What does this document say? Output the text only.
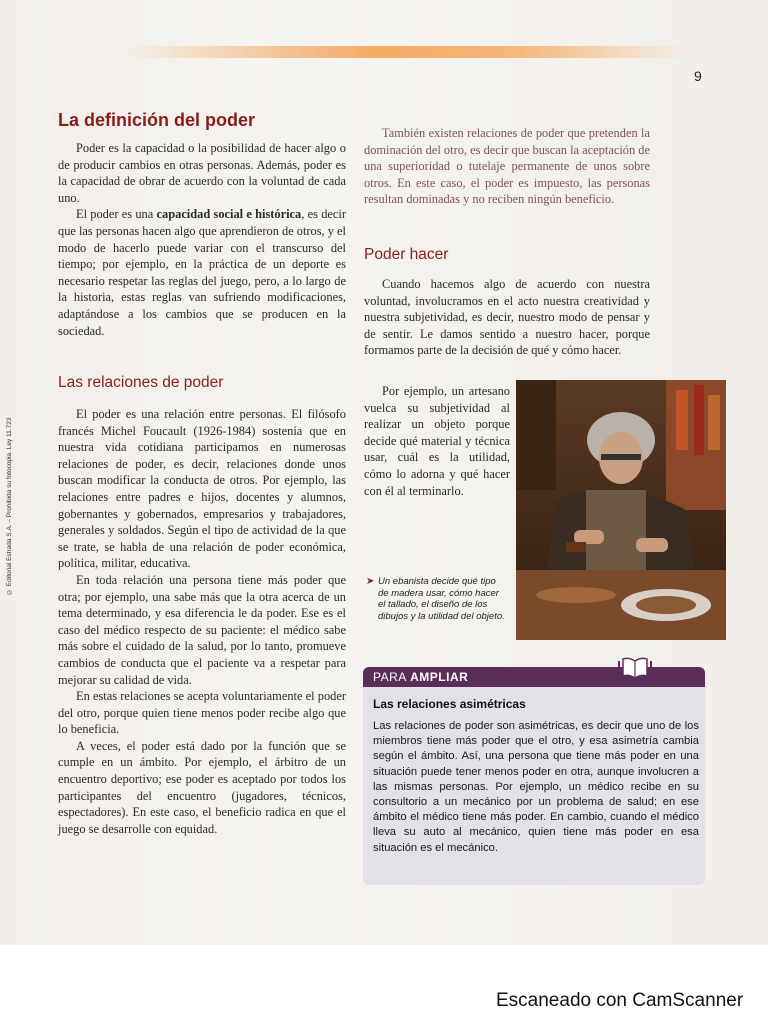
9
© Editorial Estrada S.A. – Prohibida su fotocopia. Ley 11.723
La definición del poder

Poder es la capacidad o la posibilidad de hacer algo o de producir cambios en otras personas. Además, poder es la capacidad de obrar de acuerdo con la voluntad de cada uno.

El poder es una capacidad social e histórica, es decir que las personas hacen algo que aprendieron de otros, y el modo de hacerlo puede variar con el transcurso del tiempo; por ejemplo, en la práctica de un deporte es necesario respetar las reglas del juego, pero, a lo largo de la historia, estas reglas van sufriendo modificaciones, adaptándose a los cambios que se producen en la sociedad.

Las relaciones de poder

El poder es una relación entre personas. El filósofo francés Michel Foucault (1926-1984) sostenía que en nuestra vida cotidiana participamos en numerosas relaciones de poder, es decir, relaciones donde unos buscan modificar la conducta de otros. Por ejemplo, las relaciones entre padres e hijos, docentes y alumnos, gobernantes y gobernados, empresarios y trabajadores, generales y soldados. Según el tipo de actividad de la que se trate, se habla de una relación de poder económica, política, militar, educativa.

En toda relación una persona tiene más poder que otra; por ejemplo, una sabe más que la otra acerca de un tema determinado, y esa diferencia le da poder. Ese es el caso del médico respecto de su paciente: el médico sabe más sobre el cuidado de la salud, por lo tanto, promueve cambios de conducta que el paciente va a respetar para mejorar su calidad de vida.

En estas relaciones se acepta voluntariamente el poder del otro, porque quien tiene menos poder recibe algo que lo beneficia.

A veces, el poder está dado por la función que se cumple en un ámbito. Por ejemplo, el árbitro de un encuentro deportivo; ese poder es aceptado por todos los participantes del encuentro (jugadores, técnicos, espectadores). En este caso, el beneficio radica en que el juego se desarrolle con equidad.

También existen relaciones de poder que pretenden la dominación del otro, es decir que buscan la aceptación de una superioridad o tutelaje permanente de unos sobre otros. En este caso, el poder es impuesto, las personas resultan dominadas y no reciben ningún beneficio.

Poder hacer

Cuando hacemos algo de acuerdo con nuestra voluntad, involucramos en el acto nuestra creatividad y nuestra subjetividad, es decir, nuestro modo de pensar y de sentir. Le damos sentido a nuestro hacer, porque formamos parte de la decisión de qué y cómo hacer.

Por ejemplo, un artesano vuelca su subjetividad al realizar un objeto porque decide qué material y técnica usar, cuál es la utilidad, cómo lo adorna y qué hacer con él al terminarlo.

➤ Un ebanista decide qué tipo de madera usar, cómo hacer el tallado, el diseño de los dibujos y la utilidad del objeto.
PARA AMPLIAR
Las relaciones asimétricas
Las relaciones de poder son asimétricas, es decir que uno de los miembros tiene más poder que el otro, y esa asimetría cambia según el ámbito. Así, una persona que tiene más poder en una situación puede tener menos poder en otra, aunque involucren a las mismas personas. Por ejemplo, un médico recibe en su consultorio a un mecánico por un problema de salud; en ese ámbito el médico tiene más poder. En cambio, cuando el médico lleva su auto al mecánico, quien tiene más poder en esa situación es el mecánico.
Escaneado con CamScanner
